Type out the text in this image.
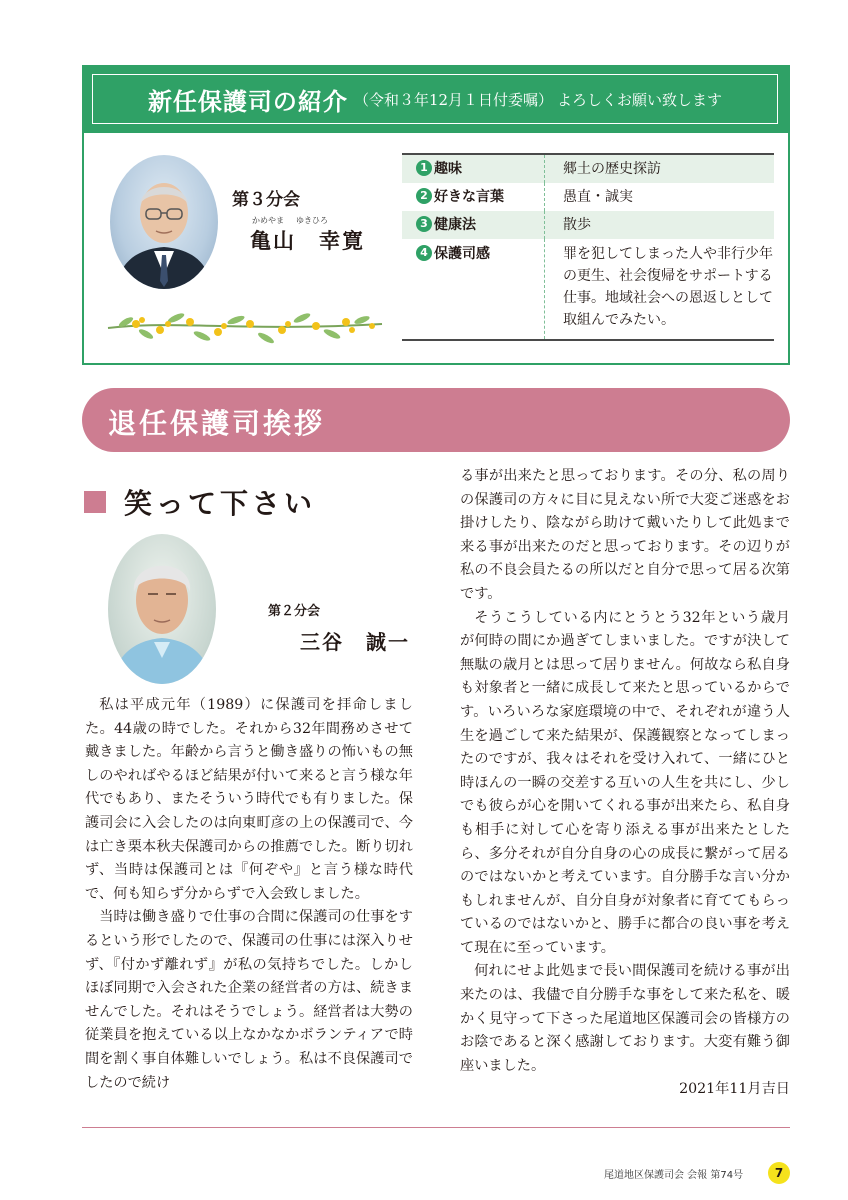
新任保護司の紹介 （令和３年12月１日付委嘱） よろしくお願い致します
第３分会
かめやま ゆきひろ
亀山　幸寛
1 趣味	郷土の歴史探訪
2 好きな言葉	愚直・誠実
3 健康法	散歩
4 保護司感	罪を犯してしまった人や非行少年の更生、社会復帰をサポートする仕事。地域社会への恩返しとして取組んでみたい。
退任保護司挨拶
笑って下さい
第２分会
三谷　誠一

私は平成元年（1989）に保護司を拝命しました。44歳の時でした。それから32年間務めさせて戴きました。年齢から言うと働き盛りの怖いもの無しのやればやるほど結果が付いて来ると言う様な年代でもあり、またそういう時代でも有りました。保護司会に入会したのは向東町彦の上の保護司で、今は亡き栗本秋夫保護司からの推薦でした。断り切れず、当時は保護司とは『何ぞや』と言う様な時代で、何も知らず分からずで入会致しました。

当時は働き盛りで仕事の合間に保護司の仕事をするという形でしたので、保護司の仕事には深入りせず、『付かず離れず』が私の気持ちでした。しかしほぼ同期で入会された企業の経営者の方は、続きませんでした。それはそうでしょう。経営者は大勢の従業員を抱えている以上なかなかボランティアで時間を割く事自体難しいでしょう。私は不良保護司でしたので続け

る事が出来たと思っております。その分、私の周りの保護司の方々に目に見えない所で大変ご迷惑をお掛けしたり、陰ながら助けて戴いたりして此処まで来る事が出来たのだと思っております。その辺りが私の不良会員たるの所以だと自分で思って居る次第です。

そうこうしている内にとうとう32年という歳月が何時の間にか過ぎてしまいました。ですが決して無駄の歳月とは思って居りません。何故なら私自身も対象者と一緒に成長して来たと思っているからです。いろいろな家庭環境の中で、それぞれが違う人生を過ごして来た結果が、保護観察となってしまったのですが、我々はそれを受け入れて、一緒にひと時ほんの一瞬の交差する互いの人生を共にし、少しでも彼らが心を開いてくれる事が出来たら、私自身も相手に対して心を寄り添える事が出来たとしたら、多分それが自分自身の心の成長に繋がって居るのではないかと考えています。自分勝手な言い分かもしれませんが、自分自身が対象者に育ててもらっているのではないかと、勝手に都合の良い事を考えて現在に至っています。

何れにせよ此処まで長い間保護司を続ける事が出来たのは、我儘で自分勝手な事をして来た私を、暖かく見守って下さった尾道地区保護司会の皆様方のお陰であると深く感謝しております。大変有難う御座いました。

2021年11月吉日

尾道地区保護司会 会報 第74号	7
